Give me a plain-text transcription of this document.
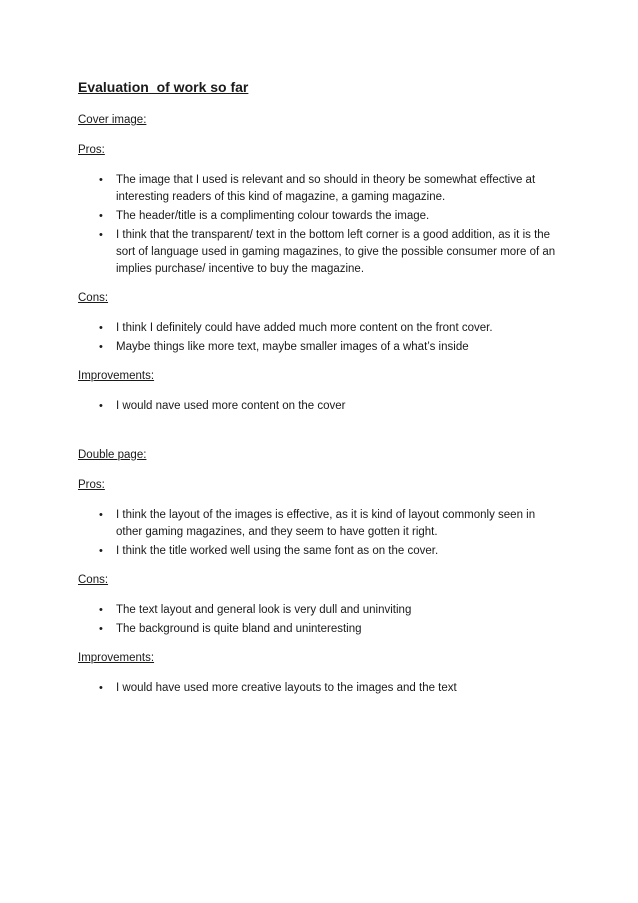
Evaluation  of work so far
Cover image:
Pros:
• The image that I used is relevant and so should in theory be somewhat effective at interesting readers of this kind of magazine, a gaming magazine.
• The header/title is a complimenting colour towards the image.
• I think that the transparent/ text in the bottom left corner is a good addition, as it is the sort of language used in gaming magazines, to give the possible consumer more of an implies purchase/ incentive to buy the magazine.
Cons:
• I think I definitely could have added much more content on the front cover.
• Maybe things like more text, maybe smaller images of a what’s inside
Improvements:
• I would nave used more content on the cover
Double page:
Pros:
• I think the layout of the images is effective, as it is kind of layout commonly seen in other gaming magazines, and they seem to have gotten it right.
• I think the title worked well using the same font as on the cover.
Cons:
• The text layout and general look is very dull and uninviting
• The background is quite bland and uninteresting
Improvements:
• I would have used more creative layouts to the images and the text
